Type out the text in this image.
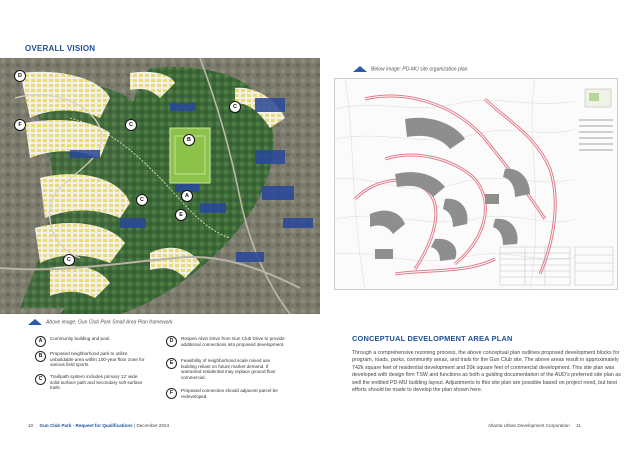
OVERALL VISION
D
C
F	C
B
C
A
E
C
Above image: Gun Club Park Small Area Plan framework
A	Community building and pool.
B	Proposed neighborhood park to utilize unbuildable area within 100-year floor zone for various field sports.
C	Trail/path system includes primary 12' wide solid surface path and secondary soft surface trails.
D	Reopen Alvin Drive from Gun Club Drive to provide additional connections into proposed development.
E	Feasibility of neighborhood scale mixed use building reliant on future market demand. If warranted residential may replace ground floor commercial.
F	Proposed connection should adjacent parcel be redeveloped.
10 Gun Club Park - Request for Qualifications | December 2024
Below image: PD-MU site organization plan.
CONCEPTUAL DEVELOPMENT AREA PLAN
Through a comprehensive rezoning process, the above conceptual plan outlines proposed development blocks for program, roads, parks, community areas, and trails for the Gun Club site. The above areas result in approximately 742k square feet of residential development and 20k square feet of commercial development. This site plan was developed with design firm TSW and functions as both a guiding documentation of the AUD's preferred site plan as well the entitled PD-MU building layout. Adjustments to this site plan are possible based on project need, but best efforts should be made to develop the plan shown here.
Atlanta Urban Development Corporation 11
